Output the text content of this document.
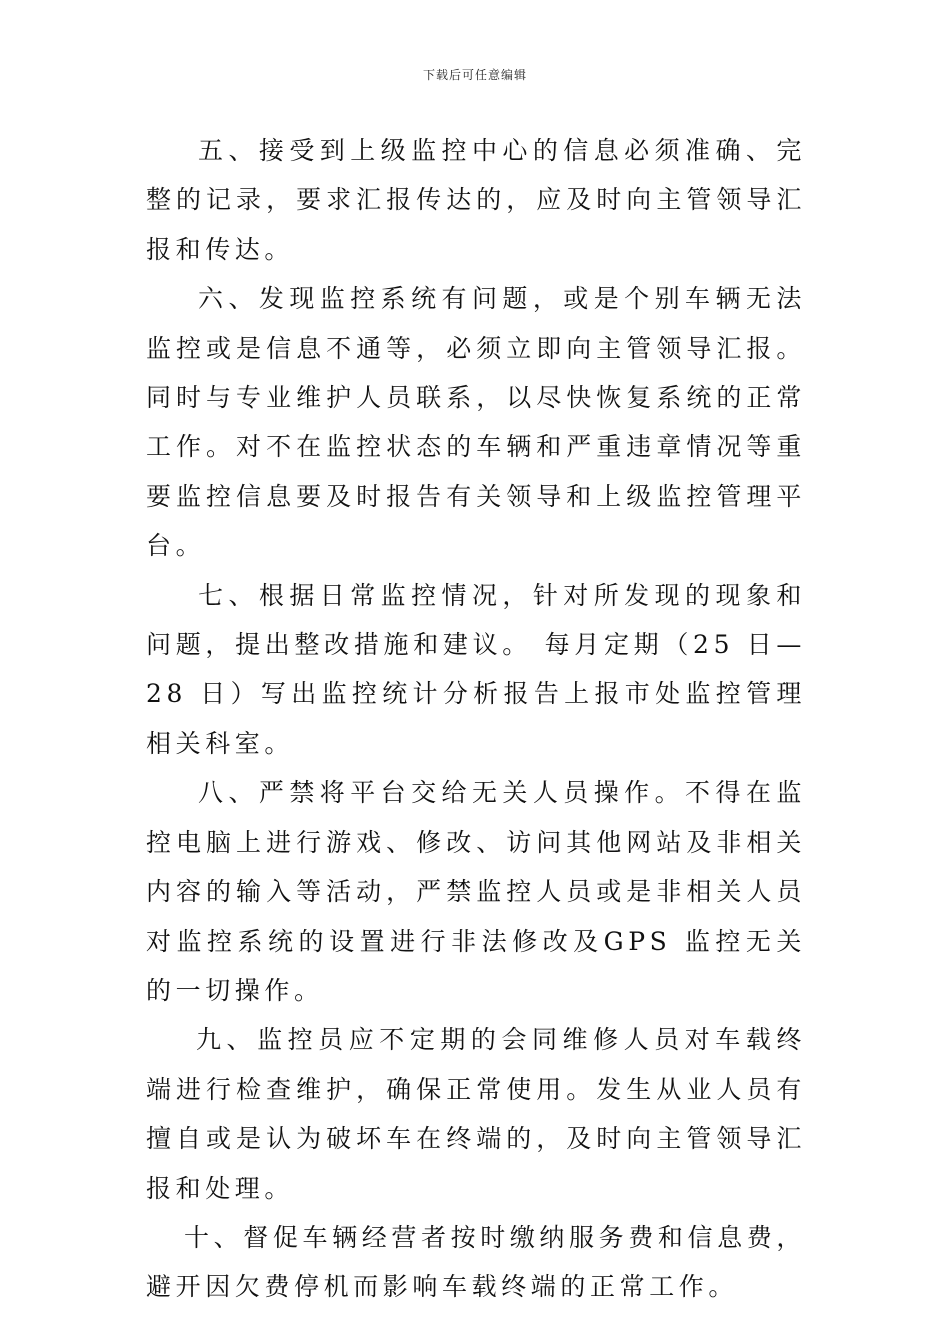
下载后可任意编辑

五、接受到上级监控中心的信息必须准确、完整的记录，要求汇报传达的，应及时向主管领导汇报和传达。

六、发现监控系统有问题，或是个别车辆无法监控或是信息不通等，必须立即向主管领导汇报。同时与专业维护人员联系，以尽快恢复系统的正常工作。对不在监控状态的车辆和严重违章情况等重要监控信息要及时报告有关领导和上级监控管理平台。

七、根据日常监控情况，针对所发现的现象和问题，提出整改措施和建议。 每月定期（25 日—28 日）写出监控统计分析报告上报市处监控管理相关科室。

八、严禁将平台交给无关人员操作。不得在监控电脑上进行游戏、修改、访问其他网站及非相关内容的输入等活动，严禁监控人员或是非相关人员对监控系统的设置进行非法修改及GPS 监控无关的一切操作。

九、监控员应不定期的会同维修人员对车载终端进行检查维护，确保正常使用。发生从业人员有擅自或是认为破坏车在终端的，及时向主管领导汇报和处理。

十、督促车辆经营者按时缴纳服务费和信息费，避开因欠费停机而影响车载终端的正常工作。
